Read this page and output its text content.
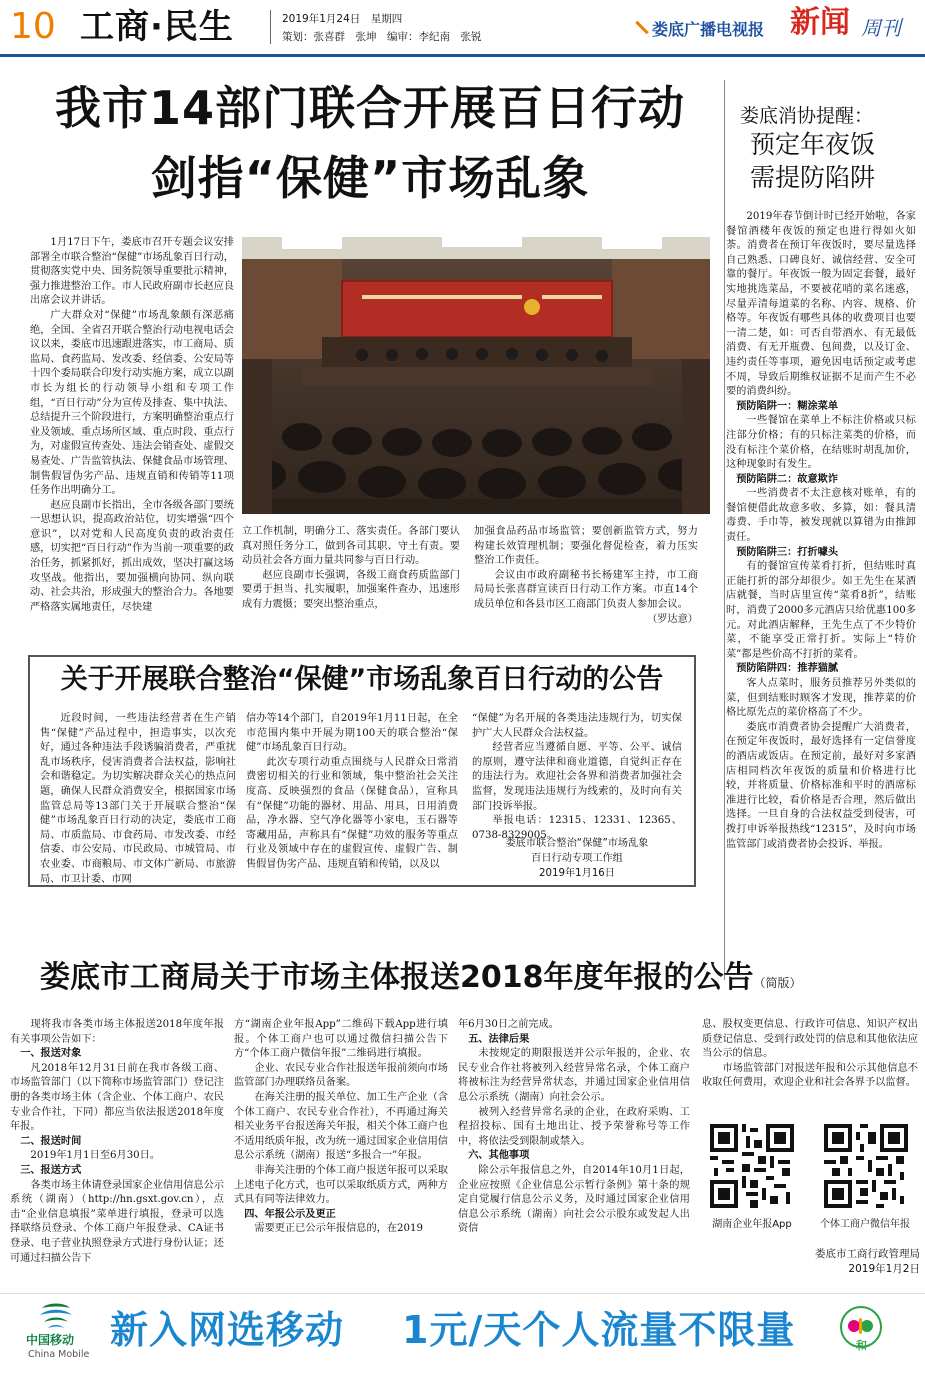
10 工商·民生	2019年1月24日　星期四
策划：张喜群　张坤　编审：李纪南　张锐	娄底广播电视报 新闻 周刊
我市14部门联合开展百日行动
剑指“保健”市场乱象

1月17日下午，娄底市召开专题会议安排部署全市联合整治“保健”市场乱象百日行动，贯彻落实党中央、国务院领导重要批示精神，强力推进整治工作。市人民政府副市长赵应良出席会议并讲话。

广大群众对“保健”市场乱象颇有深恶痛绝，全国、全省召开联合整治行动电视电话会议以来，娄底市迅速跟进落实，市工商局、质监局、食药监局、发改委、经信委、公安局等十四个委局联合印发行动实施方案，成立以副市长为组长的行动领导小组和专项工作组，“百日行动”分为宣传及排查、集中执法、总结提升三个阶段进行，方案明确整治重点行业及领域、重点场所区域、重点时段、重点行为，对虚假宣传查处、违法会销查处、虚假交易查处、广告监管执法、保健食品市场管理、制售假冒伪劣产品、违规直销和传销等11项任务作出明确分工。

赵应良副市长指出，全市各级各部门要统一思想认识，提高政治站位，切实增强“四个意识”，以对党和人民高度负责的政治责任感，切实把“百日行动”作为当前一项重要的政治任务，抓紧抓好，抓出成效，坚决打赢这场攻坚战。他指出，要加强横向协同、纵向联动、社会共治，形成强大的整治合力。各地要严格落实属地责任，尽快建

立工作机制，明确分工、落实责任。各部门要认真对照任务分工，做到各司其职、守土有责。要动员社会各方面力量共同参与百日行动。

赵应良副市长强调，各级工商食药质监部门要勇于担当、扎实履职，加强案件查办，迅速形成有力震慑；要突出整治重点，

加强食品药品市场监管；要创新监管方式，努力构建长效管理机制；要强化督促检查，着力压实整治工作责任。

会议由市政府副秘书长杨建军主持，市工商局局长张喜群宣读百日行动工作方案。市直14个成员单位和各县市区工商部门负责人参加会议。

（罗达意）

娄底消协提醒：
预定年夜饭
需提防陷阱

2019年春节倒计时已经开始啦，各家餐馆酒楼年夜饭的预定也进行得如火如荼。消费者在预订年夜饭时，要尽量选择自己熟悉、口碑良好、诚信经营、安全可靠的餐厅。年夜饭一般为固定套餐，最好实地挑选菜品，不要被花哨的菜名迷惑，尽量弄清每道菜的名称、内容、规格、价格等。年夜饭有哪些具体的收费项目也要一清二楚，如：可否自带酒水、有无最低消费、有无开瓶费、包间费，以及订金、违约责任等事项，避免因电话预定或考虑不周，导致后期维权证据不足而产生不必要的消费纠纷。

预防陷阱一：糊涂菜单

一些餐馆在菜单上不标注价格或只标注部分价格；有的只标注菜类的价格，而没有标注个菜价格，在结账时胡乱加价，这种现象时有发生。

预防陷阱二：故意欺诈

一些消费者不太注意核对账单，有的餐馆便借此故意多收、多算，如：餐具清毒费、手巾等，被发现就以算错为由推卸责任。

预防陷阱三：打折噱头

有的餐馆宣传菜肴打折，但结账时真正能打折的部分却很少。如王先生在某酒店就餐，当时店里宣传“菜肴8折”，结账时，消费了2000多元酒店只给优惠100多元。对此酒店解释，王先生点了不少特价菜，不能享受正常打折。实际上“特价菜”都是些价高不打折的菜肴。

预防陷阱四：推荐猫腻

客人点菜时，服务员推荐另外类似的菜，但到结账时顾客才发现，推荐菜的价格比原先点的菜价格高了不少。

娄底市消费者协会提醒广大消费者，在预定年夜饭时，最好选择有一定信誉度的酒店或饭店。在预定前，最好对多家酒店相同档次年夜饭的质量和价格进行比较，并将质量、价格标准和平时的酒席标准进行比较，看价格是否合理，然后做出选择。一旦自身的合法权益受到侵害，可拨打申诉举报热线“12315”，及时向市场监管部门或消费者协会投诉、举报。

关于开展联合整治“保健”市场乱象百日行动的公告

近段时间，一些违法经营者在生产销售“保健”产品过程中，担造事实，以次充好，通过各种违法手段诱骗消费者，严重扰乱市场秩序，侵害消费者合法权益，影响社会和谐稳定。为切实解决群众关心的热点问题，确保人民群众消费安全，根据国家市场监管总局等13部门关于开展联合整治“保健”市场乱象百日行动的决定，娄底市工商局、市质监局、市食药局、市发改委、市经信委、市公安局、市民政局、市城管局、市农业委、市商粮局、市文体广新局、市旅游局、市卫计委、市网

信办等14个部门，自2019年1月11日起，在全市范围内集中开展为期100天的联合整治“保健”市场乱象百日行动。

此次专项行动重点围绕与人民群众日常消费密切相关的行业和领域，集中整治社会关注度高、反映强烈的食品（保健食品），宣称具有“保健”功能的器材、用品、用具，日用消费品，净水器、空气净化器等小家电，玉石器等寄藏用品，声称具有“保健”功效的服务等重点行业及领域中存在的虚假宣传、虚假广告、制售假冒伪劣产品、违规直销和传销，以及以

“保健”为名开展的各类违法违规行为，切实保护广大人民群众合法权益。

经营者应当遵循自愿、平等、公平、诚信的原则，遵守法律和商业道德，自觉纠正存在的违法行为。欢迎社会各界和消费者加强社会监督，发现违法违规行为线索的，及时向有关部门投诉举报。

举报电话：12315、12331、12365、0738-8329005。

娄底市联合整治“保健”市场乱象
百日行动专项工作组
2019年1月16日
娄底市工商局关于市场主体报送2018年度年报的公告（简版）

现将我市各类市场主体报送2018年度年报有关事项公告如下：

一、报送对象

凡2018年12月31日前在我市各级工商、市场监管部门（以下简称市场监管部门）登记注册的各类市场主体（含企业、个体工商户、农民专业合作社，下同）都应当依法报送2018年度年报。

二、报送时间

2019年1月1日至6月30日。

三、报送方式

各类市场主体请登录国家企业信用信息公示系统（湖南）（http://hn.gsxt.gov.cn），点击“企业信息填报”菜单进行填报，登录可以选择联络员登录、个体工商户年报登录、CA证书登录、电子营业执照登录方式进行身份认证；还可通过扫描公告下

方“湖南企业年报App”二维码下载App进行填报。个体工商户也可以通过微信扫描公告下方“个体工商户微信年报”二维码进行填报。

企业、农民专业合作社报送年报前须向市场监管部门办理联络员备案。

在海关注册的报关单位、加工生产企业（含个体工商户、农民专业合作社），不再通过海关相关业务平台报送海关年报，相关个体工商户也不适用纸质年报，改为统一通过国家企业信用信息公示系统（湖南）报送“多报合一”年报。

非海关注册的个体工商户报送年报可以采取上述电子化方式，也可以采取纸质方式，两种方式具有同等法律效力。

四、年报公示及更正

需要更正已公示年报信息的，在2019

年6月30日之前完成。

五、法律后果

未按规定的期限报送并公示年报的，企业、农民专业合作社将被列入经营异常名录，个体工商户将被标注为经营异常状态，并通过国家企业信用信息公示系统（湖南）向社会公示。

被列入经营异常名录的企业，在政府采购、工程招投标、国有土地出让、授予荣誉称号等工作中，将依法受到限制或禁入。

六、其他事项

除公示年报信息之外，自2014年10月1日起，企业应按照《企业信息公示暂行条例》第十条的规定自觉履行信息公示义务，及时通过国家企业信用信息公示系统（湖南）向社会公示股东或发起人出资信

息、股权变更信息、行政许可信息、知识产权出质登记信息、受到行政处罚的信息和其他依法应当公示的信息。

市场监管部门对报送年报和公示其他信息不收取任何费用，欢迎企业和社会各界予以监督。

湖南企业年报App	个体工商户微信年报
娄底市工商行政管理局
2019年1月2日
中国移动
China Mobile
新入网选移动 1元/天个人流量不限量	和
